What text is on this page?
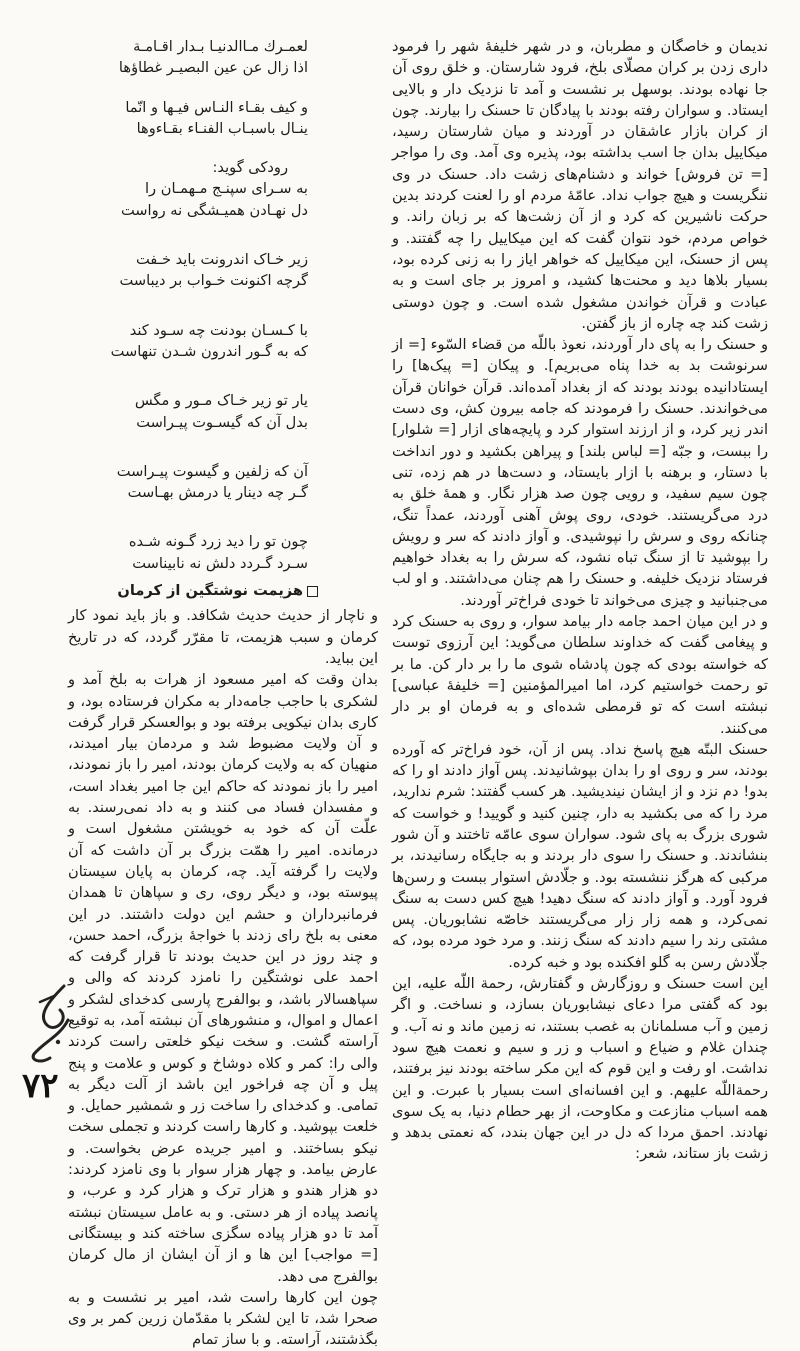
ندیمان و خاصگان و مطربان، و در شهر خلیفهٔ شهر را فرمود داری زدن بر کران مصلّای بلخ، فرود شارستان. و خلق روی آن جا نهاده بودند. بوسهل بر نشست و آمد تا نزدیک دار و بالایی ایستاد. و سواران رفته بودند با پیادگان تا حسنک را بیارند. چون از کران بازار عاشقان در آوردند و میان شارستان رسید، میکاییل بدان جا اسب بداشته بود، پذیره وی آمد. وی را مواجر [= تن فروش] خواند و دشنام‌های زشت داد. حسنک در وی ننگریست و هیچ جواب نداد. عامّهٔ مردم او را لعنت کردند بدین حرکت ناشیرین که کرد و از آن زشت‌ها که بر زبان راند. و خواص مردم، خود نتوان گفت که این میکاییل را چه گفتند. و پس از حسنک، این میکاییل که خواهر ایاز را به زنی کرده بود، بسیار بلاها دید و محنت‌ها کشید، و امروز بر جای است و به عبادت و قرآن خواندن مشغول شده است. و چون دوستی زشت کند چه چاره از باز گفتن.

و حسنک را به پای دار آوردند، نعوذ باللّه من قضاء السّوء [= از سرنوشت بد به خدا پناه می‌بریم]. و پیکان [= پیک‌ها] را ایستادانیده بودند بودند که از بغداد آمده‌اند. قرآن خوانان قرآن می‌خواندند. حسنک را فرمودند که جامه بیرون کش، وی دست اندر زیر کرد، و از ارزند استوار کرد و پایچه‌های ازار [= شلوار] را ببست، و جبّه [= لباس بلند] و پیراهن بکشید و دور انداخت با دستار، و برهنه با ازار بایستاد، و دست‌ها در هم زده، تنی چون سیم سفید، و رویی چون صد هزار نگار. و همهٔ خلق به درد می‌گریستند. خودی، روی پوش آهنی آوردند، عمداً تنگ، چنانکه روی و سرش را نپوشیدی. و آواز دادند که سر و رویش را بپوشید تا از سنگ تباه نشود، که سرش را به بغداد خواهیم فرستاد نزدیک خلیفه. و حسنک را هم چنان می‌داشتند. و او لب می‌جنبانید و چیزی می‌خواند تا خودی فراخ‌تر آوردند.

و در این میان احمد جامه دار بیامد سوار، و روی به حسنک کرد و پیغامی گفت که خداوند سلطان می‌گوید: این آرزوی توست که خواسته بودی که چون پادشاه شوی ما را بر دار کن. ما بر تو رحمت خواستیم کرد، اما امیرالمؤمنین [= خلیفهٔ عباسی] نبشته است که تو قرمطی شده‌ای و به فرمان او بر دار می‌کنند.

حسنک البتّه هیچ پاسخ نداد. پس از آن، خود فراخ‌تر که آورده بودند، سر و روی او را بدان بپوشانیدند. پس آواز دادند او را که بدو! دم نزد و از ایشان نیندیشید. هر کسب گفتند: شرم ندارید، مرد را که می بکشید به دار، چنین کنید و گویید! و خواست که شوری بزرگ به پای شود. سواران سوی عامّه تاختند و آن شور بنشاندند. و حسنک را سوی دار بردند و به جایگاه رسانیدند، بر مرکبی که هرگز ننشسته بود. و جلّادش استوار ببست و رسن‌ها فرود آورد. و آواز دادند که سنگ دهید! هیچ کس دست به سنگ نمی‌کرد، و همه زار زار می‌گریستند خاصّه نشابوریان. پس مشتی رند را سیم دادند که سنگ زنند. و مرد خود مرده بود، که جلّادش رسن به گلو افکنده بود و خبه کرده.

این است حسنک و روزگارش و گفتارش، رحمة اللّه علیه، این بود که گفتی مرا دعای نیشابوریان بسازد، و نساخت. و اگر زمین و آب مسلمانان به غصب بستند، نه زمین ماند و نه آب. و چندان غلام و ضیاع و اسباب و زر و سیم و نعمت هیچ سود نداشت. او رفت و این قوم که این مکر ساخته بودند نیز برفتند، رحمةاللّه علیهم. و این افسانه‌ای است بسیار با عبرت. و این همه اسباب منازعت و مکاوحت، از بهر حطام دنیا، به یک سوی نهادند. احمق مردا که دل در این جهان بندد، که نعمتی بدهد و زشت باز ستاند، شعر:

لعمـرك مـاالدنیـا بـدار اقـامـة
اذا زال عن عین البصیـر غطاؤها
و کیف بقـاء النـاس فیـها و انّما
ینـال باسبـاب الفنـاء بقـاءوها
رودکی گوید:
به سـرای سپنـج مـهمـان را
دل نهـادن همیـشگی نه رواست
زیر خـاک اندرونت باید خـفت
گرچه اکنونت خـواب بر دیباست
با کـسـان بودنت چه سـود کند
که به گـور اندرون شـدن تنهاست
یار تو زیر خـاک مـور و مگس
بدل آن که گیسـوت پیـراست
آن که زلفین و گیسوت پیـراست
گـر چه دینار یا درمش بهـاست
چون تو را دید زرد گـونه شـده
سـرد گـردد دلش نه نابیناست
هزیمت نوشتگین از کرمان

و ناچار از حدیث حدیث شکافد. و باز باید نمود کار کرمان و سبب هزیمت، تا مقرّر گردد، که در تاریخ این بباید.

بدان وقت که امیر مسعود از هرات به بلخ آمد و لشکری با حاجب جامه‌دار به مکران فرستاده بود، و کاری بدان نیکویی برفته بود و بوالعسکر قرار گرفت و آن ولایت مضبوط شد و مردمان بیار امیدند، منهیان که به ولایت کرمان بودند، امیر را باز نمودند، امیر را باز نمودند که حاکم این جا امیر بغداد است، و مفسدان فساد می کنند و به داد نمی‌رسند. به علّت آن که خود به خویشتن مشغول است و درمانده. امیر را همّت بزرگ بر آن داشت که آن ولایت را گرفته آید. چه، کرمان به پایان سیستان پیوسته بود، و دیگر روی، ری و سپاهان تا همدان فرمانبرداران و حشم این دولت داشتند. در این معنی به بلخ رای زدند با خواجهٔ بزرگ، احمد حسن، و چند روز در این حدیث بودند تا قرار گرفت که احمد علی نوشتگین را نامزد کردند که والی و سپاهسالار باشد، و بوالفرج پارسی کدخدای لشکر و اعمال و اموال، و منشورهای آن نبشته آمد، به توقیع آراسته گشت. و سخت نیکو خلعتی راست کردند والی را: کمر و کلاه دوشاخ و کوس و علامت و پنج پیل و آن چه فراخور این باشد از آلت دیگر به تمامی. و کدخدای را ساخت زر و شمشیر حمایل. و خلعت بپوشید. و کارها راست کردند و تجملی سخت نیکو بساختند. و امیر جریده عرض بخواست. و عارض بیامد. و چهار هزار سوار با وی نامزد کردند: دو هزار هندو و هزار ترک و هزار کرد و عرب، و پانصد پیاده از هر دستی. و به عامل سیستان نبشته آمد تا دو هزار پیاده سگزی ساخته کند و بیستگانی [= مواجب] این ها و از آن ایشان از مال کرمان بوالفرج می دهد.

چون این کارها راست شد، امیر بر نشست و به صحرا شد، تا این لشکر با مقدّمان زرین کمر بر وی بگذشتند، آراسته. و با ساز تمام

۷۲
